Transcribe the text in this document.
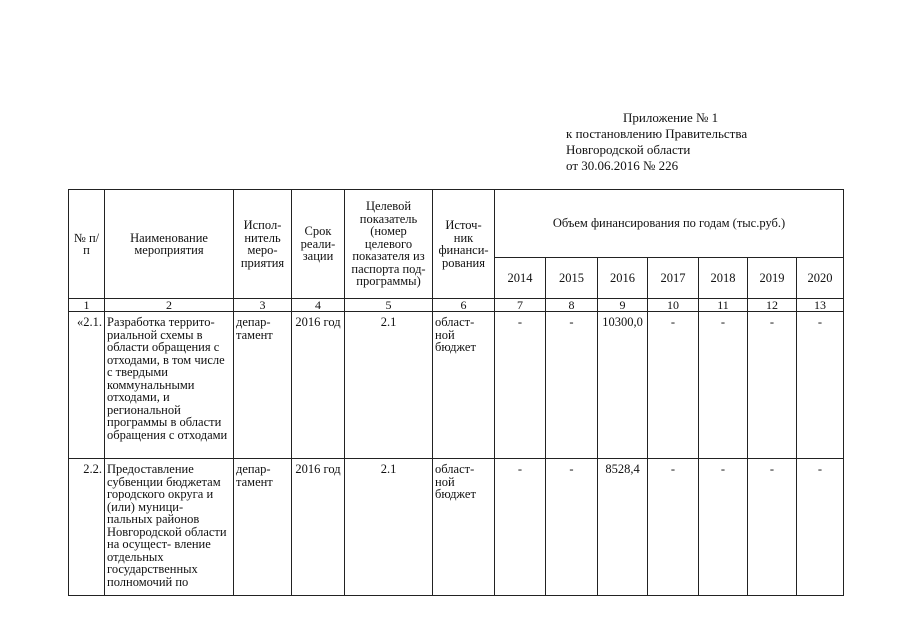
Приложение № 1
к постановлению Правительства
Новгородской области
от 30.06.2016 № 226
№ п/п	Наименование мероприятия	Испол- нитель меро- приятия	Срок реали- зации	Целевой показатель (номер целевого показателя из паспорта под- программы)	Источ- ник финанси- рования	Объем финансирования по годам (тыс.руб.)						
						2014	2015	2016	2017	2018	2019	2020
1	2	3	4	5	6	7	8	9	10	11	12	13
«2.1.	Разработка террито- риальной схемы в области обращения с отходами, в том числе с твердыми коммунальными отходами, и региональной программы в области обращения с отходами	депар- тамент	2016 год	2.1	област- ной бюджет	-	-	10300,0	-	-	-	-
2.2.	Предоставление субвенции бюджетам городского округа и (или) муници- пальных районов Новгородской области на осущест- вление отдельных государственных полномочий по	депар- тамент	2016 год	2.1	област- ной бюджет	-	-	8528,4	-	-	-	-
